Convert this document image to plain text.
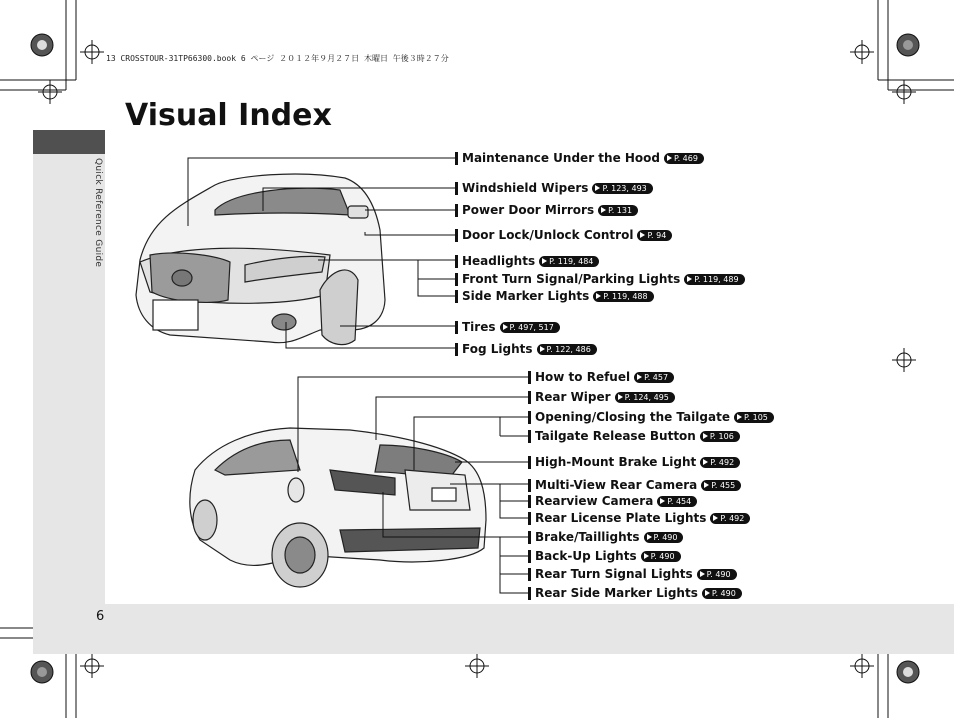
13 CROSSTOUR-31TP66300.book 6 ページ ２０１２年９月２７日 木曜日 午後３時２７分
Quick Reference Guide
6
Visual Index
Maintenance Under the Hood P. 469
Windshield Wipers P. 123, 493
Power Door Mirrors P. 131
Door Lock/Unlock Control P. 94
Headlights P. 119, 484
Front Turn Signal/Parking Lights P. 119, 489
Side Marker Lights P. 119, 488
Tires P. 497, 517
Fog Lights P. 122, 486
How to Refuel P. 457
Rear Wiper P. 124, 495
Opening/Closing the Tailgate P. 105
Tailgate Release Button P. 106
High-Mount Brake Light P. 492
Multi-View Rear Camera P. 455
Rearview Camera P. 454
Rear License Plate Lights P. 492
Brake/Taillights P. 490
Back-Up Lights P. 490
Rear Turn Signal Lights P. 490
Rear Side Marker Lights P. 490
